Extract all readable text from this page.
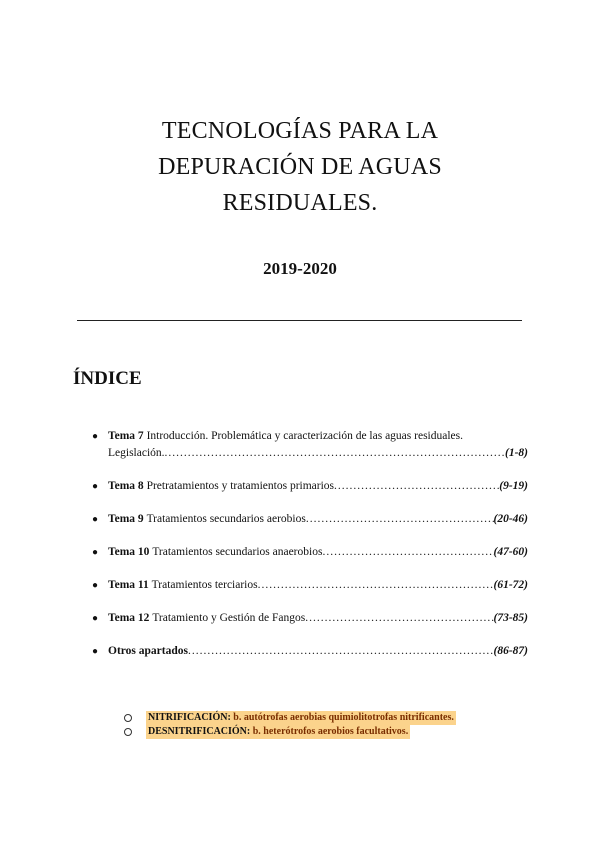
TECNOLOGÍAS PARA LA
DEPURACIÓN DE AGUAS
RESIDUALES.
2019-2020
ÍNDICE
● Tema 7 Introducción. Problemática y caracterización de las aguas residuales.
Legislación. .....	(1-8)
● Tema 8
Pretratamientos y tratamientos primarios .....	(9-19)
● Tema 9
Tratamientos secundarios aerobios .....	(20-46)
● Tema 10
Tratamientos secundarios anaerobios .....	(47-60)
● Tema 11
Tratamientos terciarios .....	(61-72)
● Tema 12
Tratamiento y Gestión de Fangos .....	(73-85)
● Otros apartados .....	(86-87)
NITRIFICACIÓN: b. autótrofas aerobias quimiolitotrofas nitrificantes.
DESNITRIFICACIÓN: b. heterótrofos aerobios facultativos.
